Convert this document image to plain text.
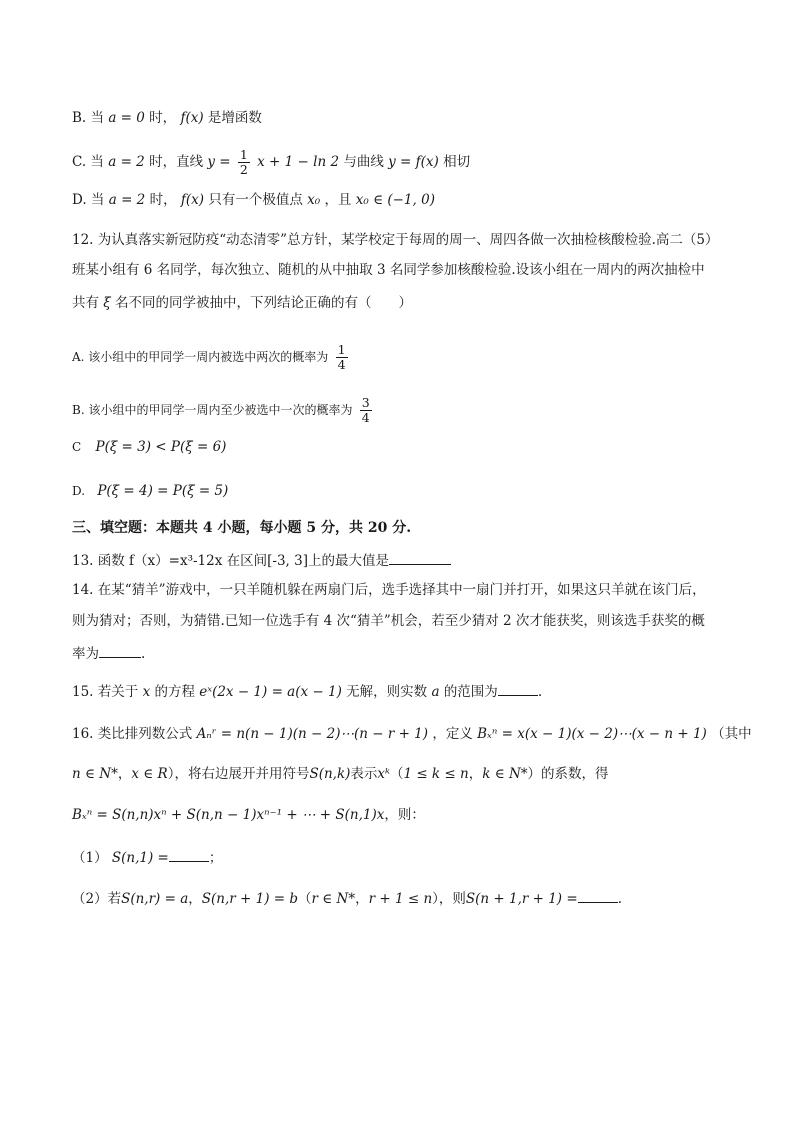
B. 当 a = 0 时， f(x) 是增函数
C. 当 a = 2 时，直线 $y = \frac{1}{2}$ x + 1 − ln 2 与曲线 y = f(x) 相切
D. 当 a = 2 时， f(x) 只有一个极值点 x₀ ，且 x₀ ∈ (−1, 0)
12. 为认真落实新冠防疫“动态清零”总方针，某学校定于每周的周一、周四各做一次抽检核酸检验.高二（5）
班某小组有 6 名同学，每次独立、随机的从中抽取 3 名同学参加核酸检验.设该小组在一周内的两次抽检中
共有 ξ 名不同的同学被抽中，下列结论正确的有（　　）
A. 该小组中的甲同学一周内被选中两次的概率为 $\frac{1}{4}$
B. 该小组中的甲同学一周内至少被选中一次的概率为 $\frac{3}{4}$
C P(ξ = 3) < P(ξ = 6)
D. P(ξ = 4) = P(ξ = 5)
三、填空题：本题共 4 小题，每小题 5 分，共 20 分.
13. 函数 f（x）=x³-12x 在区间[-3, 3]上的最大值是
14. 在某“猜羊”游戏中，一只羊随机躲在两扇门后，选手选择其中一扇门并打开，如果这只羊就在该门后，
则为猜对；否则，为猜错.已知一位选手有 4 次“猜羊”机会，若至少猜对 2 次才能获奖，则该选手获奖的概
率为	.
15. 若关于 x 的方程 eˣ(2x − 1) = a(x − 1) 无解，则实数 a 的范围为	.
16. 类比排列数公式 Aₙʳ = n(n − 1)(n − 2)⋯(n − r + 1) ，定义 Bₓⁿ = x(x − 1)(x − 2)⋯(x − n + 1) （其中
n ∈ N*，x ∈ R），将右边展开并用符号S(n,k)表示xᵏ（1 ≤ k ≤ n，k ∈ N*）的系数，得
Bₓⁿ = S(n,n)xⁿ + S(n,n − 1)xⁿ⁻¹ + ⋯ + S(n,1)x，则：
（1） S(n,1) =	；
（2）若S(n,r) = a，S(n,r + 1) = b（r ∈ N*，r + 1 ≤ n），则S(n + 1,r + 1) =	.
